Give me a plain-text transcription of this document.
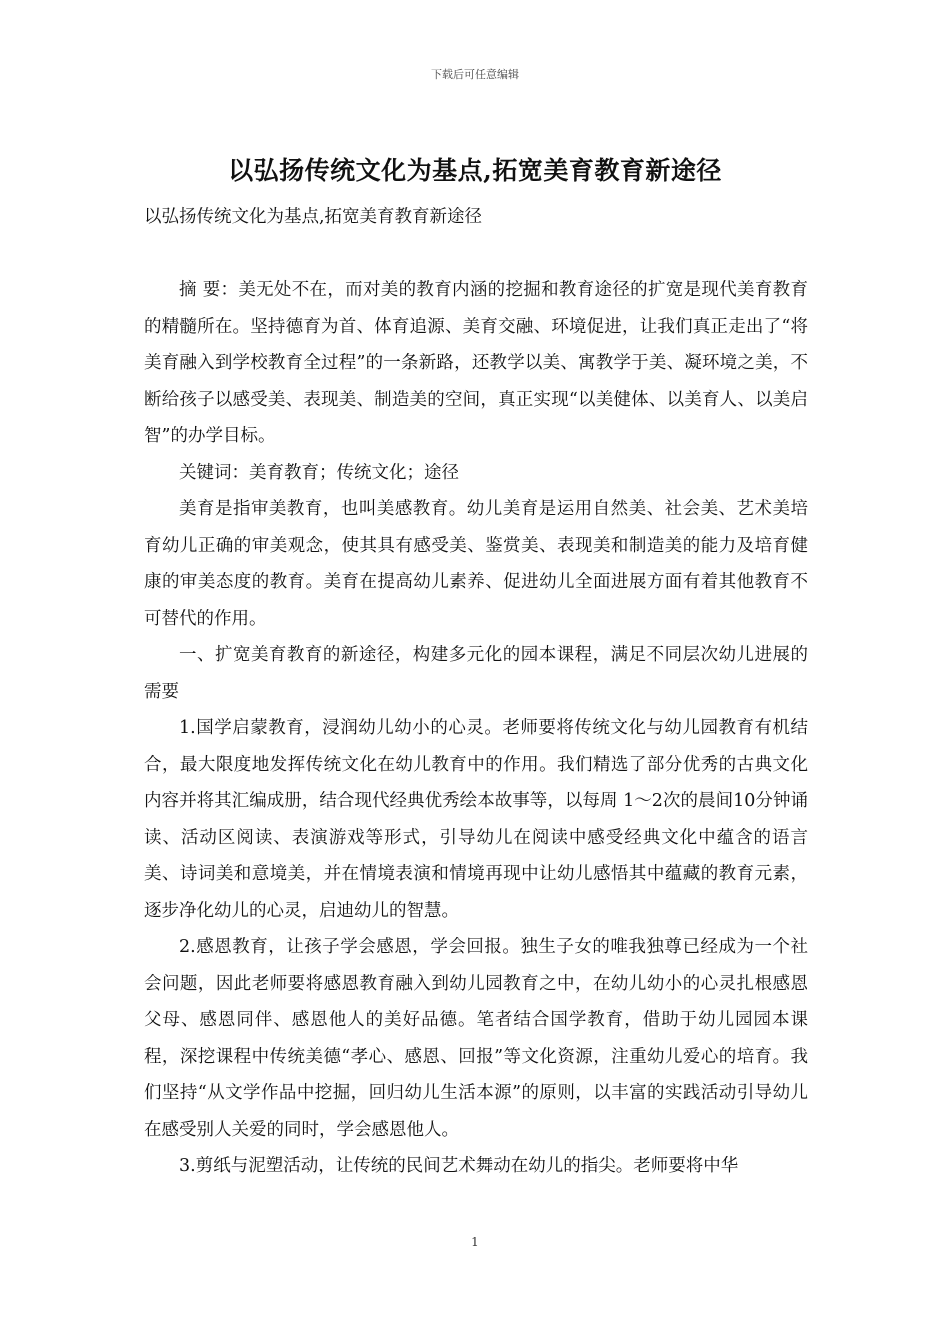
下载后可任意编辑
以弘扬传统文化为基点,拓宽美育教育新途径
以弘扬传统文化为基点,拓宽美育教育新途径

摘 要：美无处不在，而对美的教育内涵的挖掘和教育途径的扩宽是现代美育教育的精髓所在。坚持德育为首、体育追源、美育交融、环境促进，让我们真正走出了“将美育融入到学校教育全过程”的一条新路，还教学以美、寓教学于美、凝环境之美，不断给孩子以感受美、表现美、制造美的空间，真正实现“以美健体、以美育人、以美启智”的办学目标。

关键词：美育教育；传统文化；途径

美育是指审美教育，也叫美感教育。幼儿美育是运用自然美、社会美、艺术美培育幼儿正确的审美观念，使其具有感受美、鉴赏美、表现美和制造美的能力及培育健康的审美态度的教育。美育在提高幼儿素养、促进幼儿全面进展方面有着其他教育不可替代的作用。

一、扩宽美育教育的新途径，构建多元化的园本课程，满足不同层次幼儿进展的需要

1.国学启蒙教育，浸润幼儿幼小的心灵。老师要将传统文化与幼儿园教育有机结合，最大限度地发挥传统文化在幼儿教育中的作用。我们精选了部分优秀的古典文化内容并将其汇编成册，结合现代经典优秀绘本故事等，以每周 1～2次的晨间10分钟诵读、活动区阅读、表演游戏等形式，引导幼儿在阅读中感受经典文化中蕴含的语言美、诗词美和意境美，并在情境表演和情境再现中让幼儿感悟其中蕴藏的教育元素，逐步净化幼儿的心灵，启迪幼儿的智慧。

2.感恩教育，让孩子学会感恩，学会回报。独生子女的唯我独尊已经成为一个社会问题，因此老师要将感恩教育融入到幼儿园教育之中，在幼儿幼小的心灵扎根感恩父母、感恩同伴、感恩他人的美好品德。笔者结合国学教育，借助于幼儿园园本课程，深挖课程中传统美德“孝心、感恩、回报”等文化资源，注重幼儿爱心的培育。我们坚持“从文学作品中挖掘，回归幼儿生活本源”的原则，以丰富的实践活动引导幼儿在感受别人关爱的同时，学会感恩他人。

3.剪纸与泥塑活动，让传统的民间艺术舞动在幼儿的指尖。老师要将中华

1
